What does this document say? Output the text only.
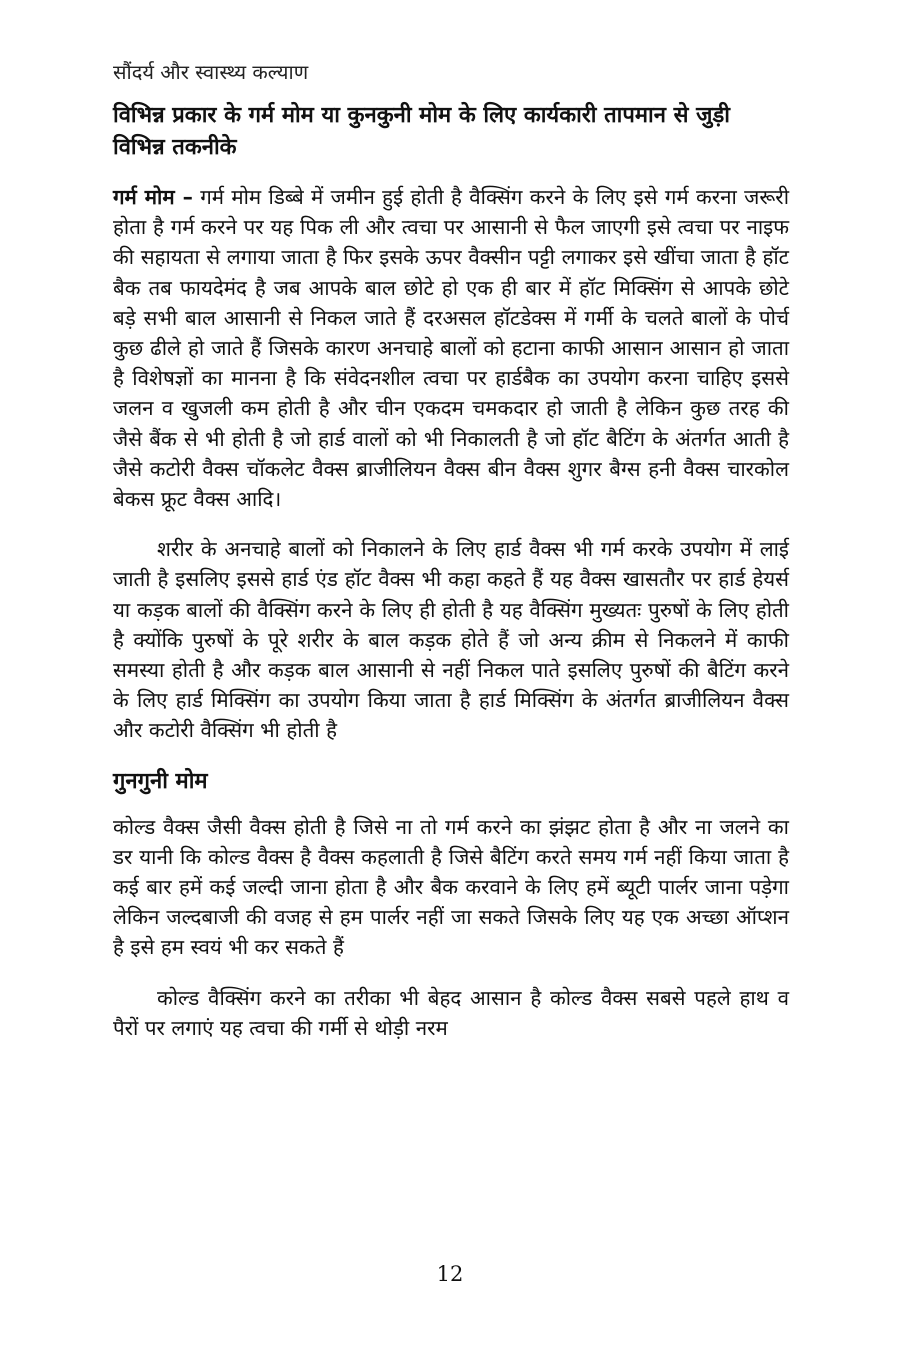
सौंदर्य और स्वास्थ्य कल्याण
विभिन्न प्रकार के गर्म मोम या कुनकुनी मोम के लिए कार्यकारी तापमान से जुड़ी विभिन्न तकनीके

गर्म मोम – गर्म मोम डिब्बे में जमीन हुई होती है वैक्सिंग करने के लिए इसे गर्म करना जरूरी होता है गर्म करने पर यह पिक ली और त्वचा पर आसानी से फैल जाएगी इसे त्वचा पर नाइफ की सहायता से लगाया जाता है फिर इसके ऊपर वैक्सीन पट्टी लगाकर इसे खींचा जाता है हॉट बैक तब फायदेमंद है जब आपके बाल छोटे हो एक ही बार में हॉट मिक्सिंग से आपके छोटे बड़े सभी बाल आसानी से निकल जाते हैं दरअसल हॉटडेक्स में गर्मी के चलते बालों के पोर्च कुछ ढीले हो जाते हैं जिसके कारण अनचाहे बालों को हटाना काफी आसान आसान हो जाता है विशेषज्ञों का मानना है कि संवेदनशील त्वचा पर हार्डबैक का उपयोग करना चाहिए इससे जलन व खुजली कम होती है और चीन एकदम चमकदार हो जाती है लेकिन कुछ तरह की जैसे बैंक से भी होती है जो हार्ड वालों को भी निकालती है जो हॉट बैटिंग के अंतर्गत आती है जैसे कटोरी वैक्स चॉकलेट वैक्स ब्राजीलियन वैक्स बीन वैक्स शुगर बैग्स हनी वैक्स चारकोल बेकस फ्रूट वैक्स आदि।

शरीर के अनचाहे बालों को निकालने के लिए हार्ड वैक्स भी गर्म करके उपयोग में लाई जाती है इसलिए इससे हार्ड एंड हॉट वैक्स भी कहा कहते हैं यह वैक्स खासतौर पर हार्ड हेयर्स या कड़क बालों की वैक्सिंग करने के लिए ही होती है यह वैक्सिंग मुख्यतः पुरुषों के लिए होती है क्योंकि पुरुषों के पूरे शरीर के बाल कड़क होते हैं जो अन्य क्रीम से निकलने में काफी समस्या होती है और कड़क बाल आसानी से नहीं निकल पाते इसलिए पुरुषों की बैटिंग करने के लिए हार्ड मिक्सिंग का उपयोग किया जाता है हार्ड मिक्सिंग के अंतर्गत ब्राजीलियन वैक्स और कटोरी वैक्सिंग भी होती है

गुनगुनी मोम

कोल्ड वैक्स जैसी वैक्स होती है जिसे ना तो गर्म करने का झंझट होता है और ना जलने का डर यानी कि कोल्ड वैक्स है वैक्स कहलाती है जिसे बैटिंग करते समय गर्म नहीं किया जाता है कई बार हमें कई जल्दी जाना होता है और बैक करवाने के लिए हमें ब्यूटी पार्लर जाना पड़ेगा लेकिन जल्दबाजी की वजह से हम पार्लर नहीं जा सकते जिसके लिए यह एक अच्छा ऑप्शन है इसे हम स्वयं भी कर सकते हैं

कोल्ड वैक्सिंग करने का तरीका भी बेहद आसान है कोल्ड वैक्स सबसे पहले हाथ व पैरों पर लगाएं यह त्वचा की गर्मी से थोड़ी नरम

12
